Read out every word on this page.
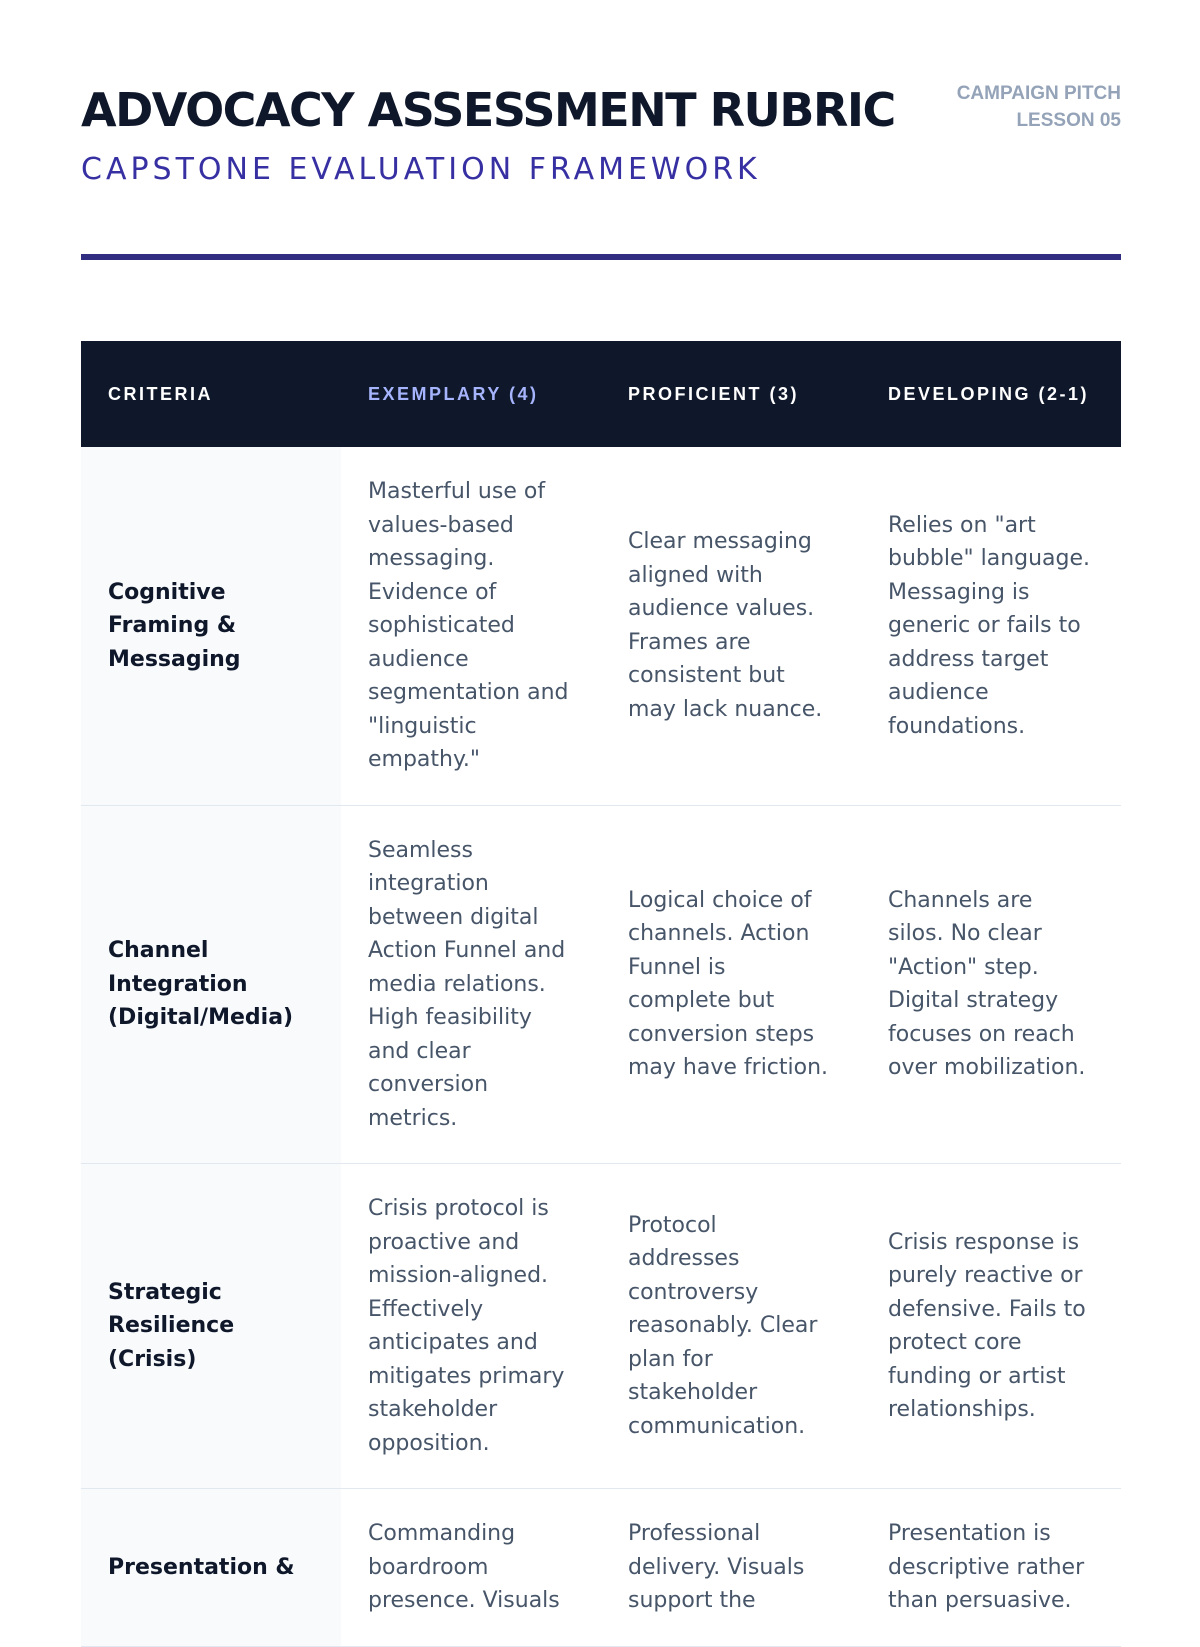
ADVOCACY ASSESSMENT RUBRIC
CAPSTONE EVALUATION FRAMEWORK
CAMPAIGN PITCH
LESSON 05
CRITERIA	EXEMPLARY (4)	PROFICIENT (3)	DEVELOPING (2-1)
Cognitive Framing & Messaging	Masterful use of values-based messaging. Evidence of sophisticated audience segmentation and "linguistic empathy."	Clear messaging aligned with audience values. Frames are consistent but may lack nuance.	Relies on "art bubble" language. Messaging is generic or fails to address target audience foundations.
Channel Integration (Digital/Media)	Seamless integration between digital Action Funnel and media relations. High feasibility and clear conversion metrics.	Logical choice of channels. Action Funnel is complete but conversion steps may have friction.	Channels are silos. No clear "Action" step. Digital strategy focuses on reach over mobilization.
Strategic Resilience (Crisis)	Crisis protocol is proactive and mission-aligned. Effectively anticipates and mitigates primary stakeholder opposition.	Protocol addresses controversy reasonably. Clear plan for stakeholder communication.	Crisis response is purely reactive or defensive. Fails to protect core funding or artist relationships.
Presentation &	Commanding boardroom presence. Visuals	Professional delivery. Visuals support the	Presentation is descriptive rather than persuasive.
